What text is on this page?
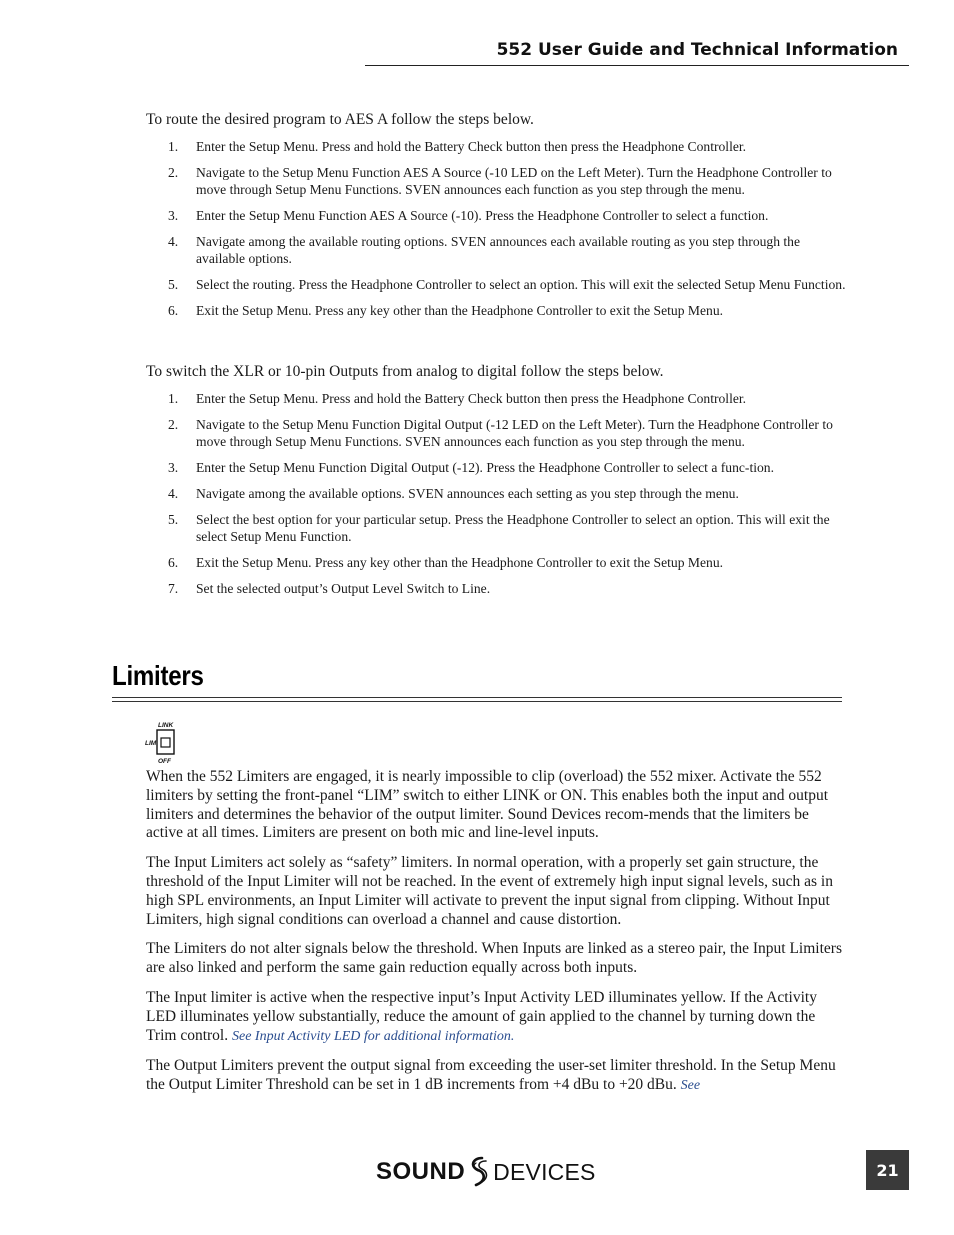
552 User Guide and Technical Information

To route the desired program to AES A follow the steps below.

1. Enter the Setup Menu. Press and hold the Battery Check button then press the Headphone Controller.
2. Navigate to the Setup Menu Function AES A Source (-10 LED on the Left Meter). Turn the Headphone Controller to move through Setup Menu Functions. SVEN announces each function as you step through the menu.
3. Enter the Setup Menu Function AES A Source (-10). Press the Headphone Controller to select a function.
4. Navigate among the available routing options. SVEN announces each available routing as you step through the available options.
5. Select the routing. Press the Headphone Controller to select an option. This will exit the selected Setup Menu Function.
6. Exit the Setup Menu. Press any key other than the Headphone Controller to exit the Setup Menu.

To switch the XLR or 10-pin Outputs from analog to digital follow the steps below.

1. Enter the Setup Menu. Press and hold the Battery Check button then press the Headphone Controller.
2. Navigate to the Setup Menu Function Digital Output (-12 LED on the Left Meter). Turn the Headphone Controller to move through Setup Menu Functions. SVEN announces each function as you step through the menu.
3. Enter the Setup Menu Function Digital Output (-12). Press the Headphone Controller to select a func-tion.
4. Navigate among the available options. SVEN announces each setting as you step through the menu.
5. Select the best option for your particular setup. Press the Headphone Controller to select an option. This will exit the select Setup Menu Function.
6. Exit the Setup Menu. Press any key other than the Headphone Controller to exit the Setup Menu.
7. Set the selected output’s Output Level Switch to Line.
Limiters
LINK
LIM
OFF

When the 552 Limiters are engaged, it is nearly impossible to clip (overload) the 552 mixer. Activate the 552 limiters by setting the front-panel “LIM” switch to either LINK or ON. This enables both the input and output limiters and determines the behavior of the output limiter. Sound Devices recom-mends that the limiters be active at all times. Limiters are present on both mic and line-level inputs.

The Input Limiters act solely as “safety” limiters. In normal operation, with a properly set gain structure, the threshold of the Input Limiter will not be reached. In the event of extremely high input signal levels, such as in high SPL environments, an Input Limiter will activate to prevent the input signal from clipping. Without Input Limiters, high signal conditions can overload a channel and cause distortion.

The Limiters do not alter signals below the threshold. When Inputs are linked as a stereo pair, the Input Limiters are also linked and perform the same gain reduction equally across both inputs.

The Input limiter is active when the respective input’s Input Activity LED illuminates yellow. If the Activity LED illuminates yellow substantially, reduce the amount of gain applied to the channel by turning down the Trim control. See Input Activity LED for additional information.

The Output Limiters prevent the output signal from exceeding the user-set limiter threshold. In the Setup Menu the Output Limiter Threshold can be set in 1 dB increments from +4 dBu to +20 dBu. See

SOUND DEVICES	21
